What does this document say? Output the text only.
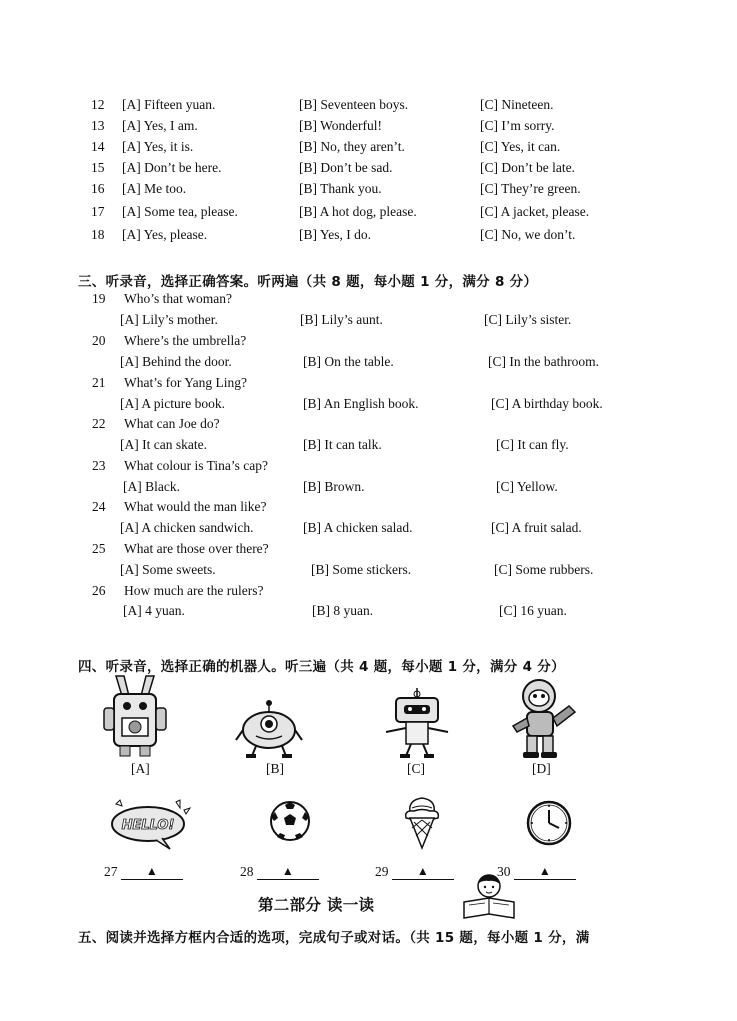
12 [A] Fifteen yuan.	[B] Seventeen boys.	[C] Nineteen.
13 [A] Yes, I am.	[B] Wonderful!	[C] I’m sorry.
14 [A] Yes, it is.	[B] No, they aren’t.	[C] Yes, it can.
15 [A] Don’t be here.	[B] Don’t be sad.	[C] Don’t be late.
16 [A] Me too.	[B] Thank you.	[C] They’re green.
17 [A] Some tea, please.	[B] A hot dog, please.	[C] A jacket, please.
18 [A] Yes, please.	[B] Yes, I do.	[C] No, we don’t.
三、听录音，选择正确答案。听两遍（共 8 题，每小题 1 分，满分 8 分）
19 Who’s that woman?
[A] Lily’s mother.	[B] Lily’s aunt.	[C] Lily’s sister.
20 Where’s the umbrella?
[A] Behind the door.	[B] On the table.	[C] In the bathroom.
21 What’s for Yang Ling?
[A] A picture book.	[B] An English book.	[C] A birthday book.
22 What can Joe do?
[A] It can skate.	[B] It can talk.	[C] It can fly.
23 What colour is Tina’s cap?
[A] Black.	[B] Brown.	[C] Yellow.
24 What would the man like?
[A] A chicken sandwich.	[B] A chicken salad.	[C] A fruit salad.
25 What are those over there?
[A] Some sweets.	[B] Some stickers.	[C] Some rubbers.
26 How much are the rulers?
[A] 4 yuan.	[B] 8 yuan.	[C] 16 yuan.
四、听录音，选择正确的机器人。听三遍（共 4 题，每小题 1 分，满分 4 分）
[A]	[B]	[C]	[D]
HELLO!
27 ▲	28 ▲	29 ▲	30 ▲
第二部分 读一读
五、阅读并选择方框内合适的选项，完成句子或对话。（共 15 题，每小题 1 分，满
